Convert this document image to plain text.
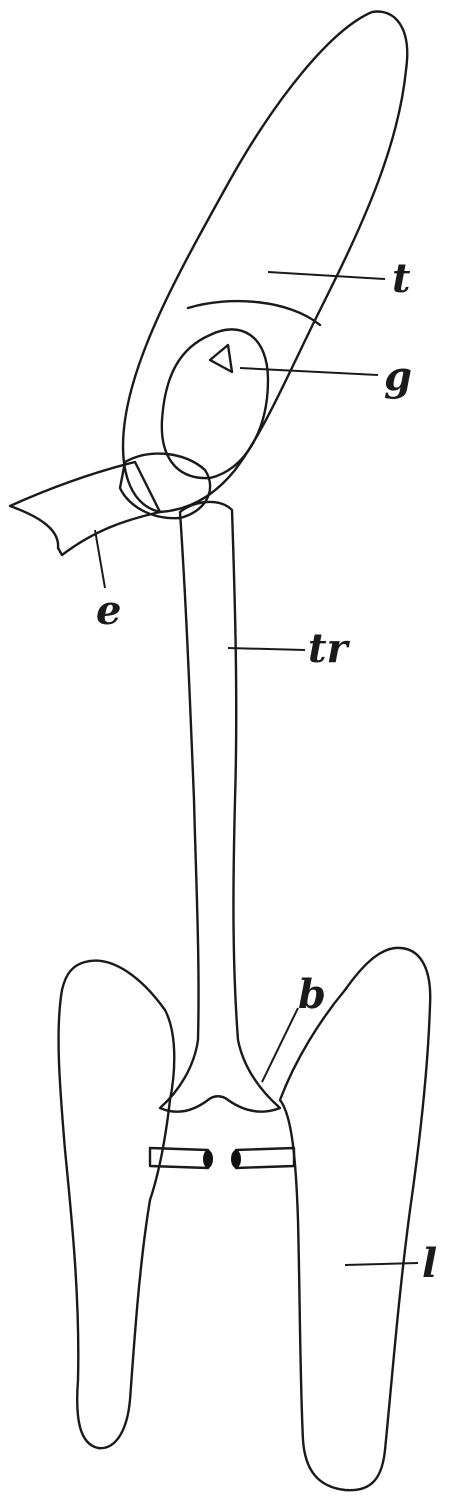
t
g
e
tr
b
l
